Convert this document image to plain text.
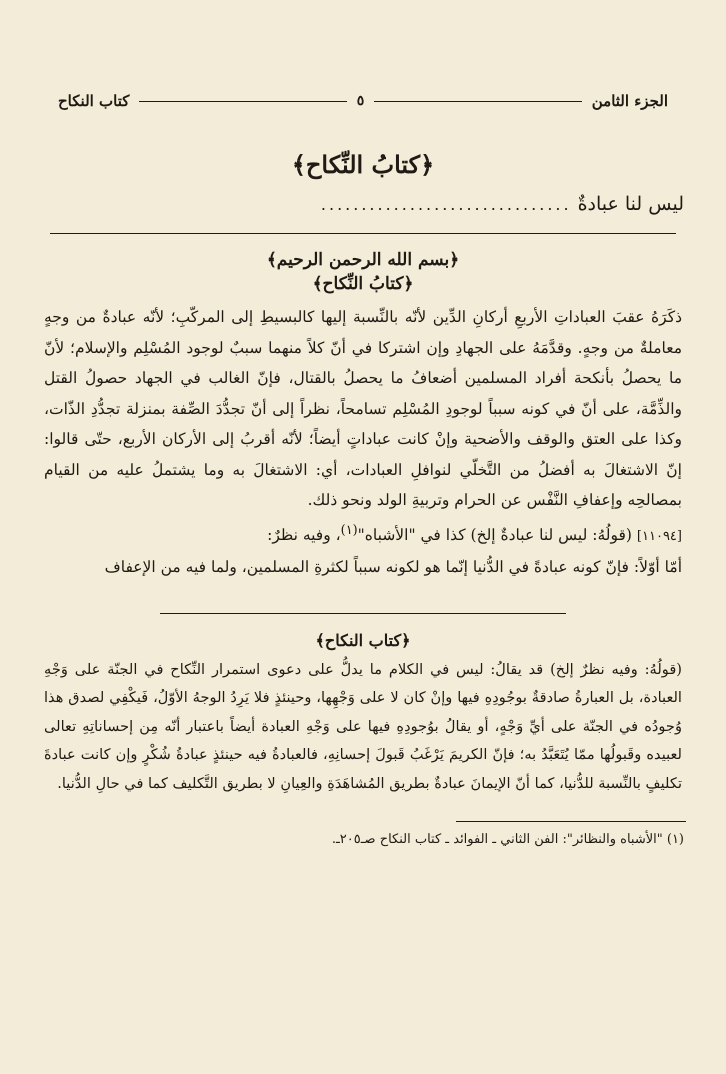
الجزء الثامن
٥
كتاب النكاح
﴿كتابُ النِّكاح﴾
ليس لنا عبادةٌ
...............................
﴿بسم الله الرحمن الرحيم﴾
﴿كتابُ النِّكاح﴾

ذكَرَهُ عقبَ العباداتِ الأربعِ أركانِ الدِّين لأنّه بالنِّسبة إليها كالبسيطِ إلى المركّبِ؛ لأنّه عبادةٌ من وجهٍ معاملةٌ من وجهٍ. وقدَّمَهُ على الجهادِ وإن اشتركا في أنّ كلاً منهما سببٌ لوجود المُسْلِم والإسلام؛ لأنّ ما يحصلُ بأنكحة أفراد المسلمين أضعافُ ما يحصلُ بالقتال، فإنّ الغالب في الجهاد حصولُ القتل والذِّمَّة، على أنّ في كونه سبباً لوجودِ المُسْلِم تسامحاً، نظراً إلى أنّ تجدُّدَ الصِّفة بمنزلة تجدُّدِ الذّات، وكذا على العتق والوقف والأضحية وإنْ كانت عباداتٍ أيضاً؛ لأنّه أقربُ إلى الأركان الأربع، حتّى قالوا: إنّ الاشتغالَ به أفضلُ من التَّخلّي لنوافلِ العبادات، أي: الاشتغالَ به وما يشتملُ عليه من القيام بمصالحِه وإعفافِ النَّفْس عن الحرام وتربيةِ الولد ونحو ذلك.

[١١٠٩٤] (قولُهُ: ليس لنا عبادةٌ إلخ) كذا في "الأشباه"$^{(١)}$، وفيه نظرٌ:

أمّا أوّلاً: فإنّ كونه عبادةً في الدُّنيا إنّما هو لكونه سبباً لكثرةِ المسلمين، ولما فيه من الإعفاف

﴿كتاب النكاح﴾
(قولُهُ: وفيه نظرٌ إلخ) قد يقالُ: ليس في الكلام ما يدلُّ على دعوى استمرار النِّكاح في الجنّة على وَجْهِ العبادة، بل العبارةُ صادقةٌ بوجُودِهِ فيها وإنْ كان لا على وَجْهِها، وحينئذٍ فلا يَرِدُ الوجهُ الأوّلُ، فَيكْفِي لصدق هذا وُجودُه في الجنّة على أيِّ وَجْهٍ، أو يقالُ بوُجودِهِ فيها على وَجْهِ العبادة أيضاً باعتبار أنّه مِن إحساناتِهِ تعالى لعبيده وقَبولُها ممّا يُتَعَبَّدُ به؛ فإنّ الكريمَ يَرْغَبُ قَبولَ إحسانِهِ، فالعبادةُ فيه حينئذٍ عبادةُ شُكْرٍ وإن كانت عبادةَ تكليفٍ بالنِّسبة للدُّنيا، كما أنّ الإيمانَ عبادةٌ بطريق المُشاهَدَةِ والعِيانِ لا بطريق التَّكليف كما في حالِ الدُّنيا.
(١) "الأشباه والنظائر": الفن الثاني ـ الفوائد ـ كتاب النكاح صـ٢٠٥ـ.
